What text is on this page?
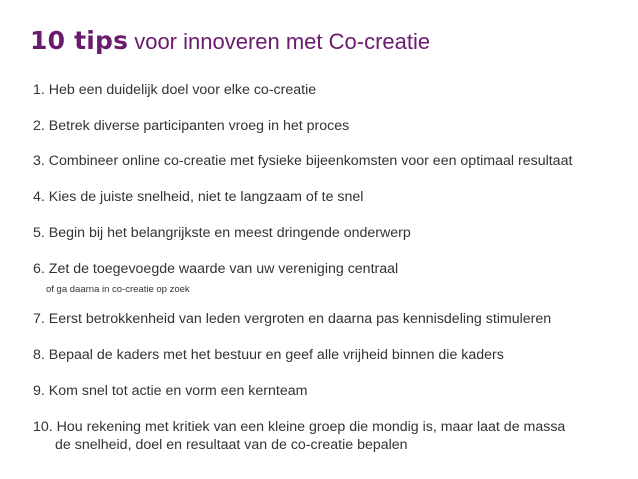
10 tips voor innoveren met Co-creatie
1. Heb een duidelijk doel voor elke co-creatie
2. Betrek diverse participanten vroeg in het proces
3. Combineer online co-creatie met fysieke bijeenkomsten voor een optimaal resultaat
4. Kies de juiste snelheid, niet te langzaam of te snel
5. Begin bij het belangrijkste en meest dringende onderwerp
6. Zet de toegevoegde waarde van uw vereniging centraal
of ga daarna in co-creatie op zoek
7. Eerst betrokkenheid van leden vergroten en daarna pas kennisdeling stimuleren
8. Bepaal de kaders met het bestuur en geef alle vrijheid binnen die kaders
9. Kom snel tot actie en vorm een kernteam
10. Hou rekening met kritiek van een kleine groep die mondig is, maar laat de massa
de snelheid, doel en resultaat van de co-creatie bepalen
